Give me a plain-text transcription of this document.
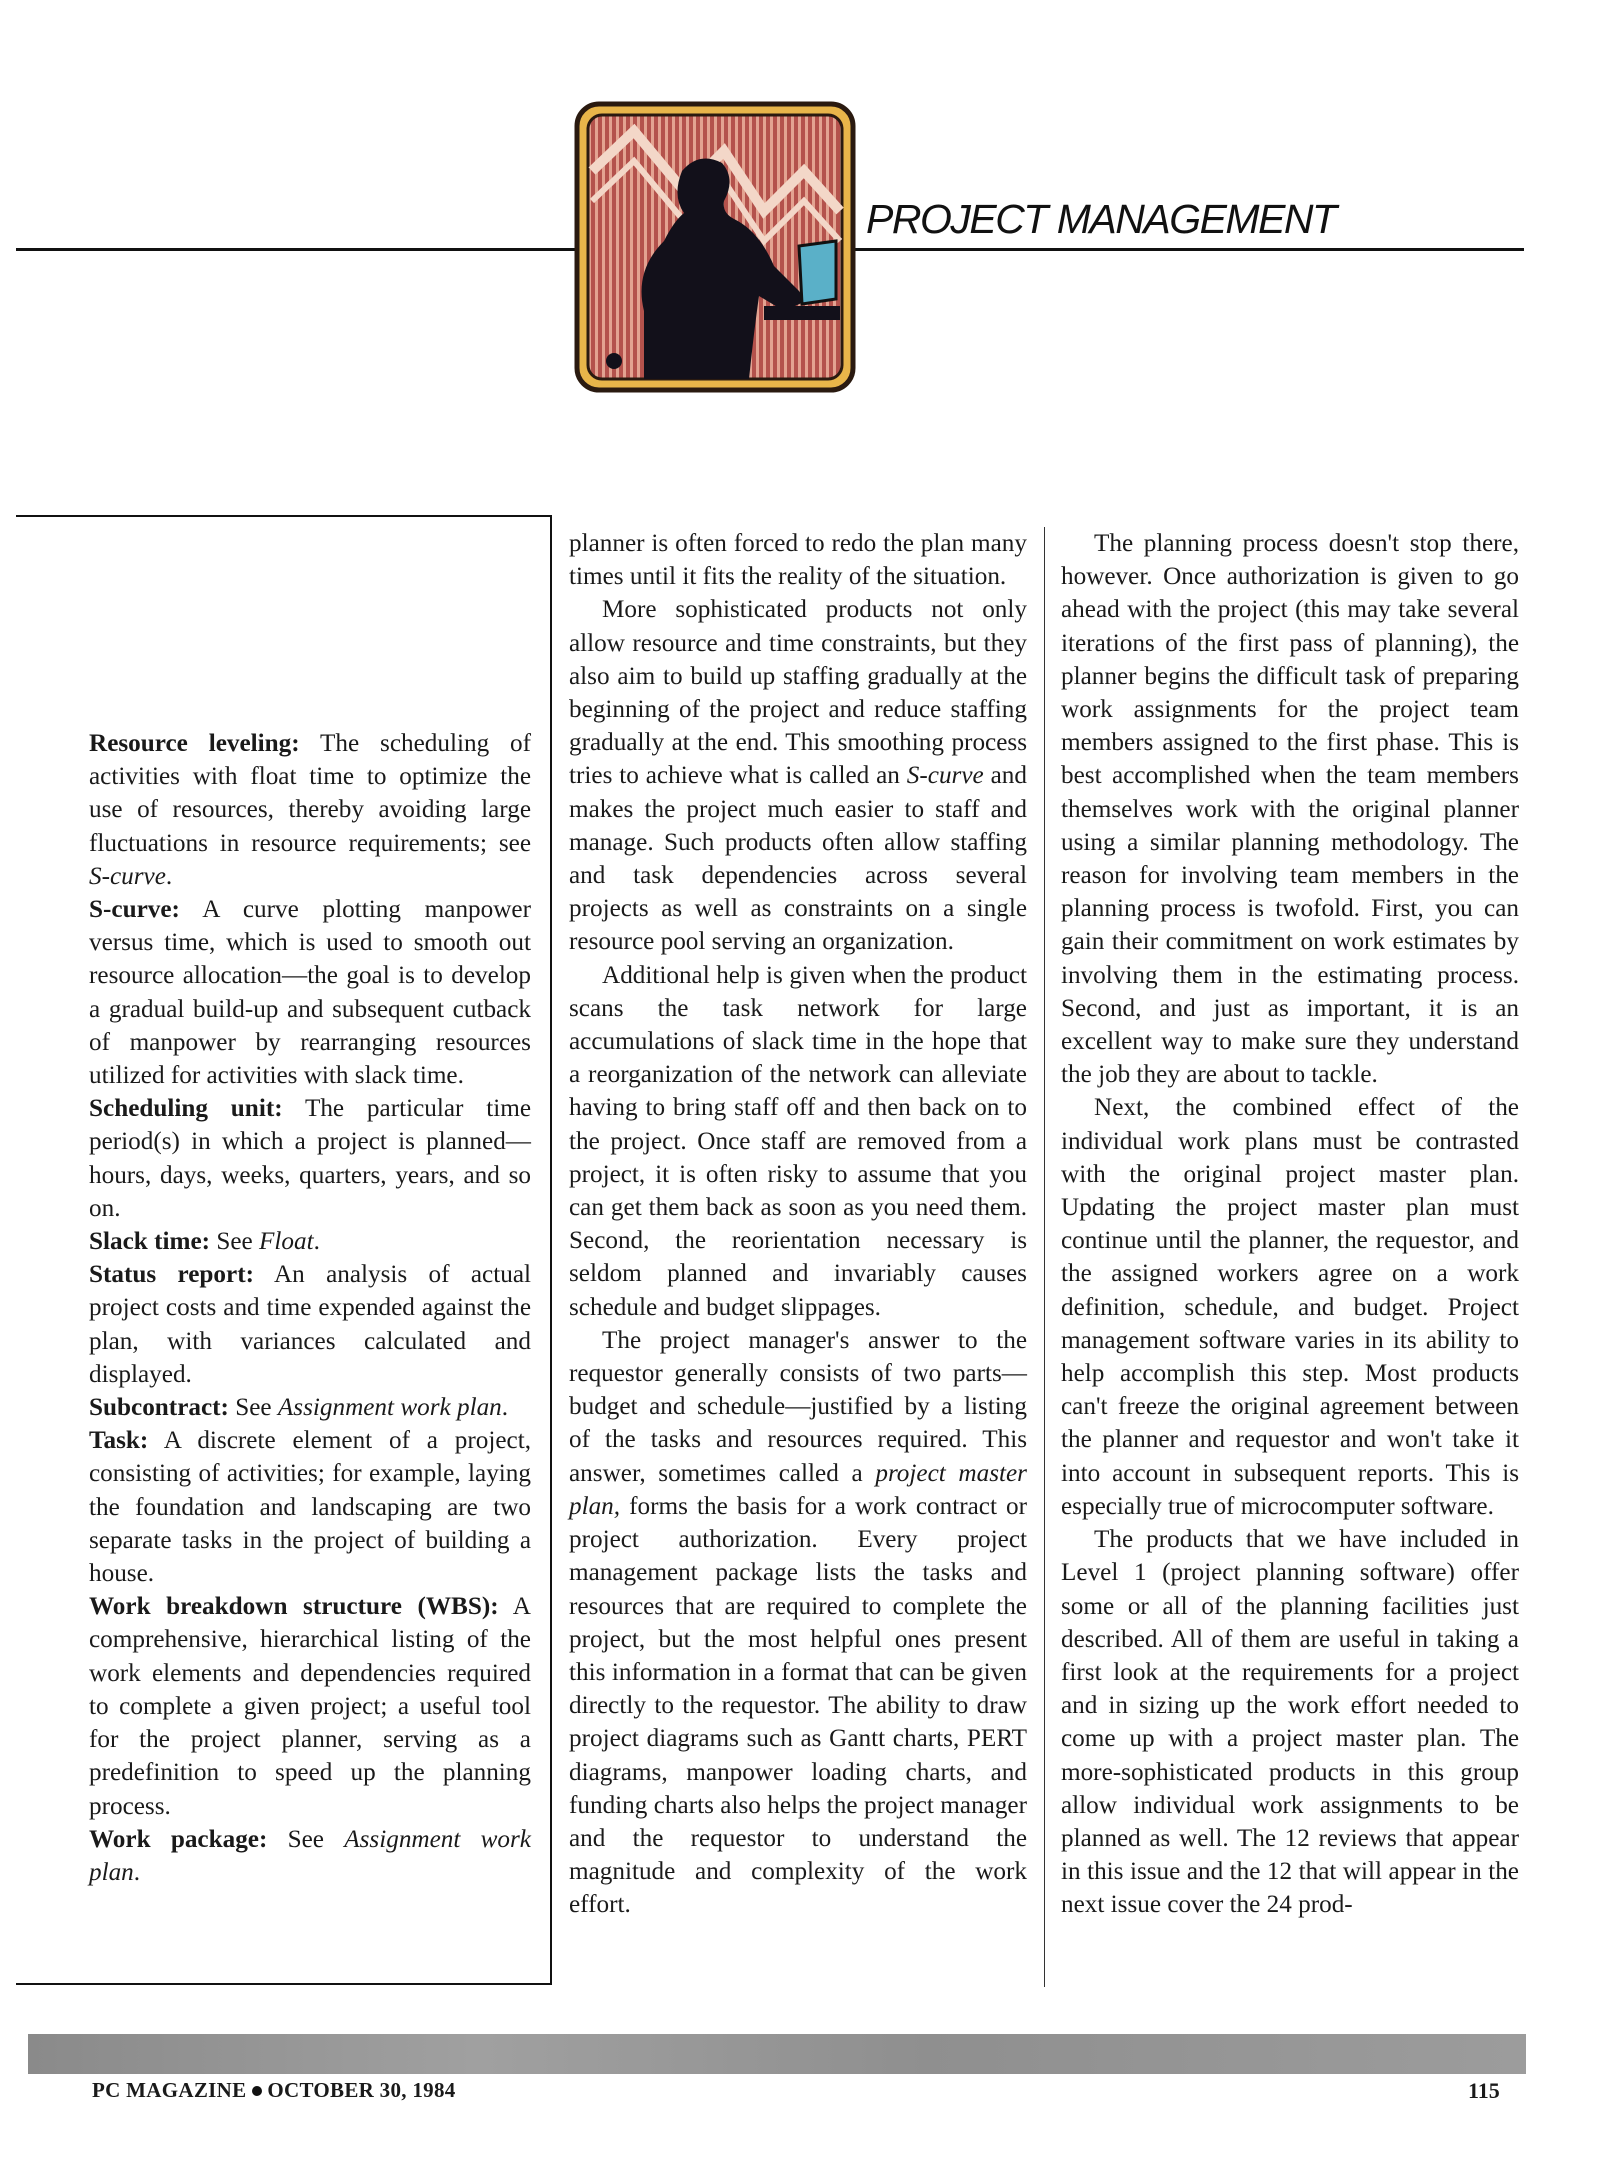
PROJECT MANAGEMENT

Resource leveling: The scheduling of activities with float time to optimize the use of resources, thereby avoiding large fluctuations in resource requirements; see S-curve.

S-curve: A curve plotting manpower versus time, which is used to smooth out resource allocation—the goal is to develop a gradual build-up and subsequent cutback of manpower by rearranging resources utilized for activities with slack time.

Scheduling unit: The particular time period(s) in which a project is planned—hours, days, weeks, quarters, years, and so on.

Slack time: See Float.

Status report: An analysis of actual project costs and time expended against the plan, with variances calculated and displayed.

Subcontract: See Assignment work plan.

Task: A discrete element of a project, consisting of activities; for example, laying the foundation and landscaping are two separate tasks in the project of building a house.

Work breakdown structure (WBS): A comprehensive, hierarchical listing of the work elements and dependencies required to complete a given project; a useful tool for the project planner, serving as a predefinition to speed up the planning process.

Work package: See Assignment work plan.

planner is often forced to redo the plan many times until it fits the reality of the situation.

More sophisticated products not only allow resource and time constraints, but they also aim to build up staffing gradually at the beginning of the project and reduce staffing gradually at the end. This smoothing process tries to achieve what is called an S-curve and makes the project much easier to staff and manage. Such products often allow staffing and task dependencies across several projects as well as constraints on a single resource pool serving an organization.

Additional help is given when the product scans the task network for large accumulations of slack time in the hope that a reorganization of the network can alleviate having to bring staff off and then back on to the project. Once staff are removed from a project, it is often risky to assume that you can get them back as soon as you need them. Second, the reorientation necessary is seldom planned and invariably causes schedule and budget slippages.

The project manager's answer to the requestor generally consists of two parts—budget and schedule—justified by a listing of the tasks and resources required. This answer, sometimes called a project master plan, forms the basis for a work contract or project authorization. Every project management package lists the tasks and resources that are required to complete the project, but the most helpful ones present this information in a format that can be given directly to the requestor. The ability to draw project diagrams such as Gantt charts, PERT diagrams, manpower loading charts, and funding charts also helps the project manager and the requestor to understand the magnitude and complexity of the work effort.

The planning process doesn't stop there, however. Once authorization is given to go ahead with the project (this may take several iterations of the first pass of planning), the planner begins the difficult task of preparing work assignments for the project team members assigned to the first phase. This is best accomplished when the team members themselves work with the original planner using a similar planning methodology. The reason for involving team members in the planning process is twofold. First, you can gain their commitment on work estimates by involving them in the estimating process. Second, and just as important, it is an excellent way to make sure they understand the job they are about to tackle.

Next, the combined effect of the individual work plans must be contrasted with the original project master plan. Updating the project master plan must continue until the planner, the requestor, and the assigned workers agree on a work definition, schedule, and budget. Project management software varies in its ability to help accomplish this step. Most products can't freeze the original agreement between the planner and requestor and won't take it into account in subsequent reports. This is especially true of microcomputer software.

The products that we have included in Level 1 (project planning software) offer some or all of the planning facilities just described. All of them are useful in taking a first look at the requirements for a project and in sizing up the work effort needed to come up with a project master plan. The more-sophisticated products in this group allow individual work assignments to be planned as well. The 12 reviews that appear in this issue and the 12 that will appear in the next issue cover the 24 prod-

PC MAGAZINE OCTOBER 30, 1984	115
